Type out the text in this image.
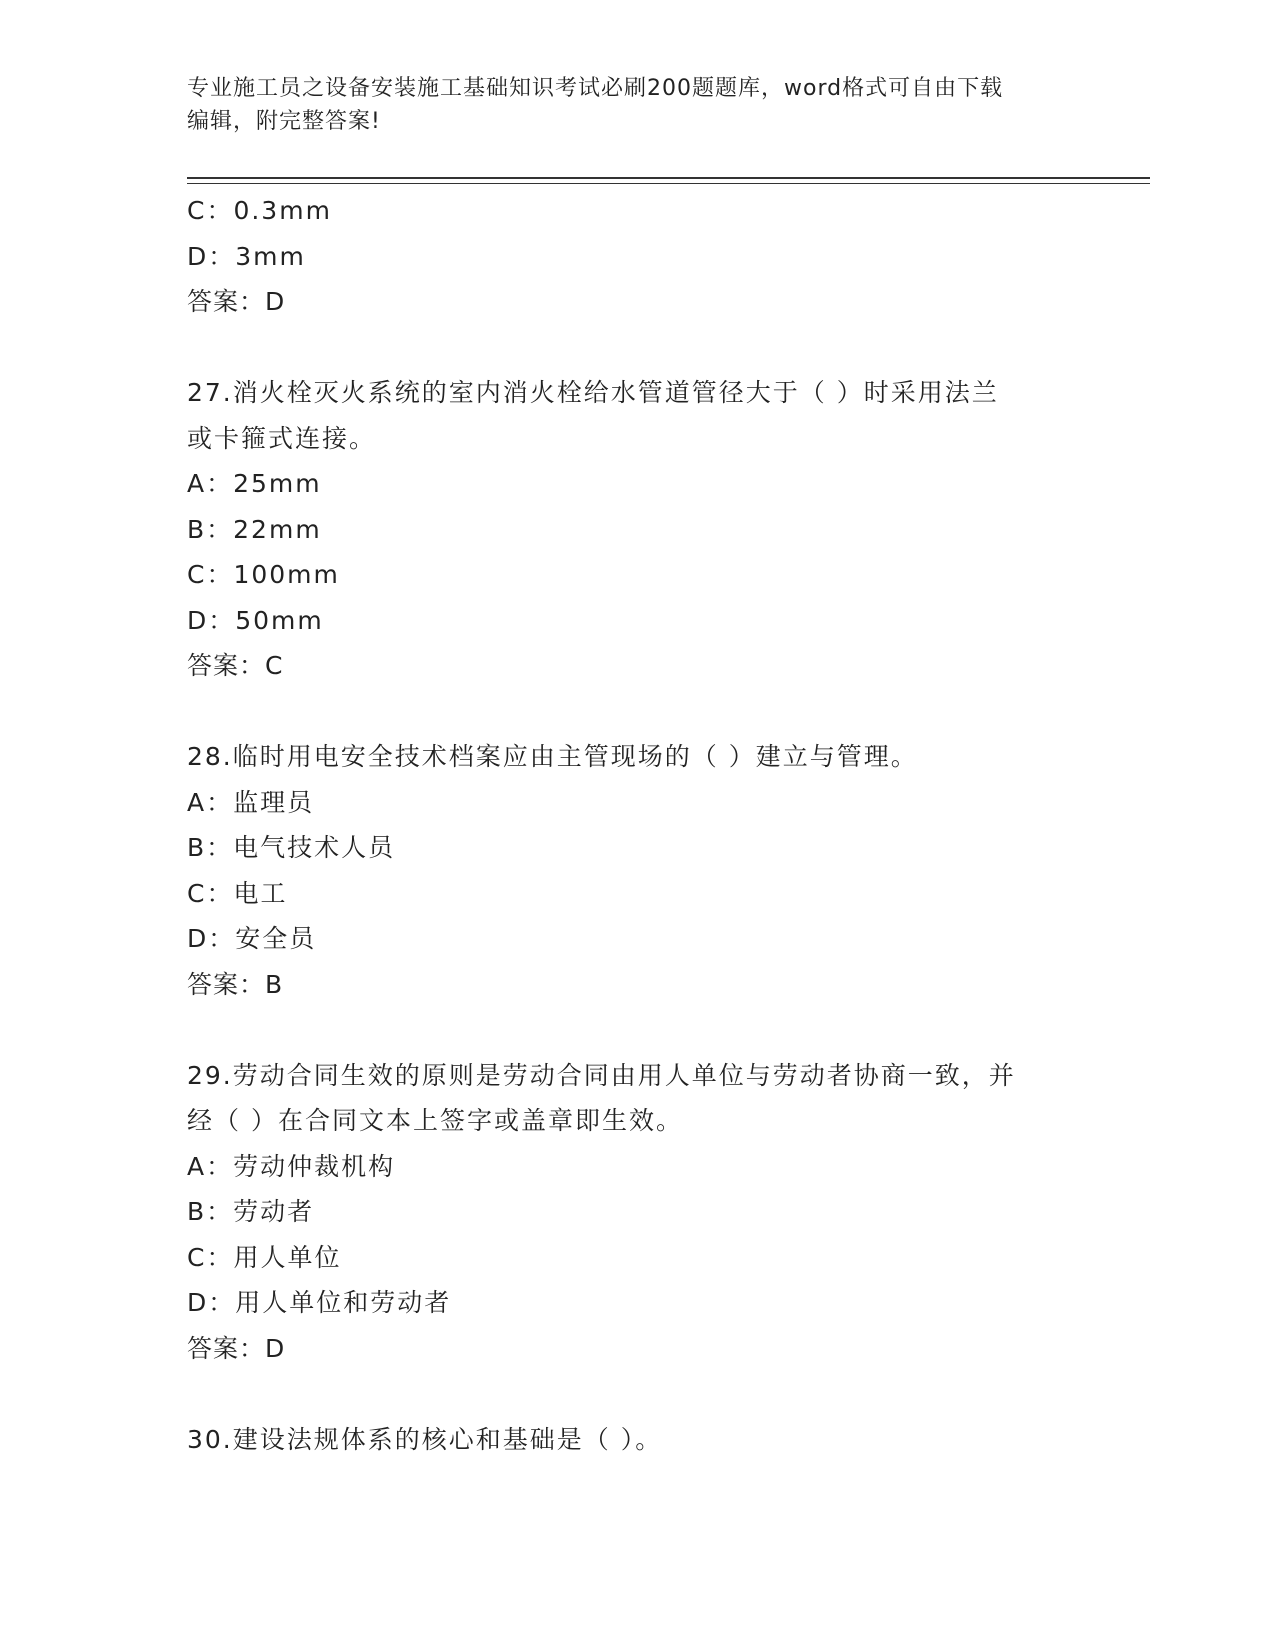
专业施工员之设备安装施工基础知识考试必刷200题题库，word格式可自由下载
编辑，附完整答案!
C：0.3mm
D：3mm
答案：D
27.消火栓灭火系统的室内消火栓给水管道管径大于（ ）时采用法兰
或卡箍式连接。
A：25mm
B：22mm
C：100mm
D：50mm
答案：C
28.临时用电安全技术档案应由主管现场的（ ）建立与管理。
A：监理员
B：电气技术人员
C：电工
D：安全员
答案：B
29.劳动合同生效的原则是劳动合同由用人单位与劳动者协商一致，并
经（ ）在合同文本上签字或盖章即生效。
A：劳动仲裁机构
B：劳动者
C：用人单位
D：用人单位和劳动者
答案：D
30.建设法规体系的核心和基础是（ ）。
